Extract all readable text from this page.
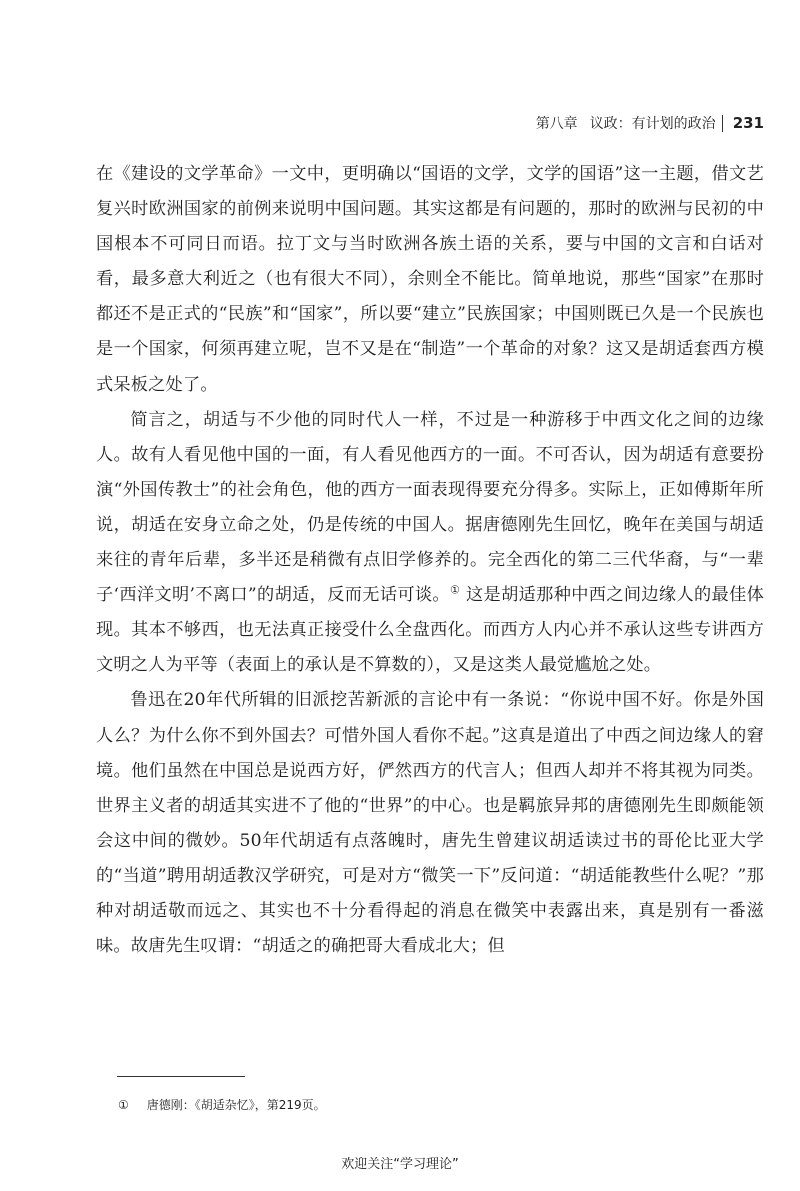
第八章 议政：有计划的政治 231

在《建设的文学革命》一文中，更明确以“国语的文学，文学的国语”这一主题，借文艺复兴时欧洲国家的前例来说明中国问题。其实这都是有问题的，那时的欧洲与民初的中国根本不可同日而语。拉丁文与当时欧洲各族土语的关系，要与中国的文言和白话对看，最多意大利近之（也有很大不同），余则全不能比。简单地说，那些“国家”在那时都还不是正式的“民族”和“国家”，所以要“建立”民族国家；中国则既已久是一个民族也是一个国家，何须再建立呢，岂不又是在“制造”一个革命的对象？这又是胡适套西方模式呆板之处了。

简言之，胡适与不少他的同时代人一样，不过是一种游移于中西文化之间的边缘人。故有人看见他中国的一面，有人看见他西方的一面。不可否认，因为胡适有意要扮演“外国传教士”的社会角色，他的西方一面表现得要充分得多。实际上，正如傅斯年所说，胡适在安身立命之处，仍是传统的中国人。据唐德刚先生回忆，晚年在美国与胡适来往的青年后辈，多半还是稍微有点旧学修养的。完全西化的第二三代华裔，与“一辈子‘西洋文明’不离口”的胡适，反而无话可谈。① 这是胡适那种中西之间边缘人的最佳体现。其本不够西，也无法真正接受什么全盘西化。而西方人内心并不承认这些专讲西方文明之人为平等（表面上的承认是不算数的），又是这类人最觉尴尬之处。

鲁迅在20年代所辑的旧派挖苦新派的言论中有一条说：“你说中国不好。你是外国人么？为什么你不到外国去？可惜外国人看你不起。”这真是道出了中西之间边缘人的窘境。他们虽然在中国总是说西方好，俨然西方的代言人；但西人却并不将其视为同类。世界主义者的胡适其实进不了他的“世界”的中心。也是羁旅异邦的唐德刚先生即颇能领会这中间的微妙。50年代胡适有点落魄时，唐先生曾建议胡适读过书的哥伦比亚大学的“当道”聘用胡适教汉学研究，可是对方“微笑一下”反问道：“胡适能教些什么呢？”那种对胡适敬而远之、其实也不十分看得起的消息在微笑中表露出来，真是别有一番滋味。故唐先生叹谓：“胡适之的确把哥大看成北大；但

① 唐德刚：《胡适杂忆》，第219页。
欢迎关注“学习理论”
